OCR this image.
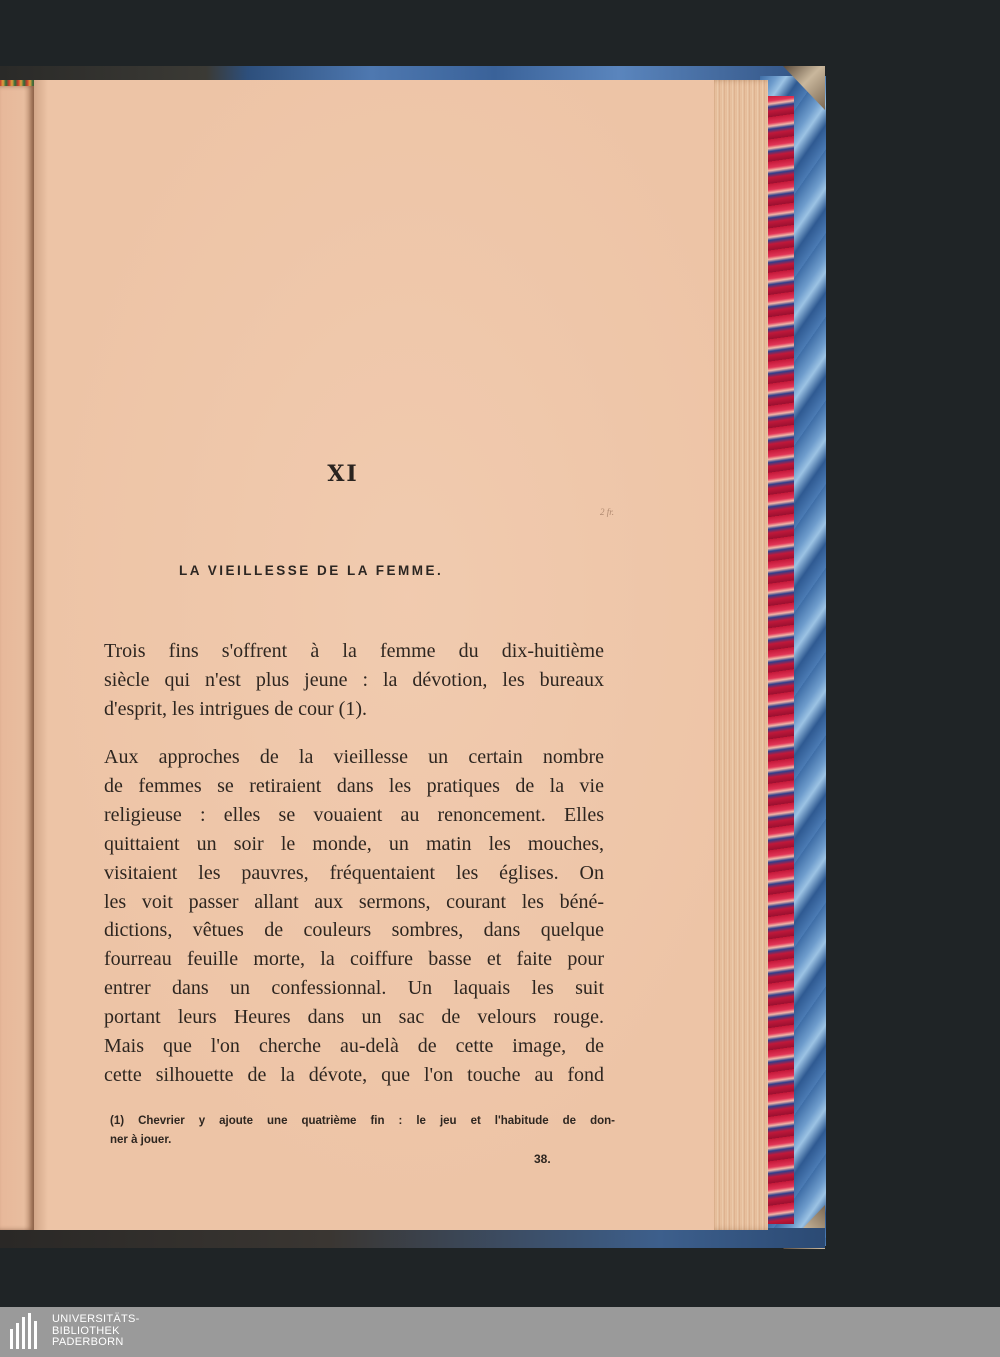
XI
LA VIEILLESSE DE LA FEMME.
2 fr.

Trois fins s'offrent à la femme du dix-huitième
siècle qui n'est plus jeune : la dévotion, les bureaux
d'esprit, les intrigues de cour (1).

Aux approches de la vieillesse un certain nombre
de femmes se retiraient dans les pratiques de la vie
religieuse : elles se vouaient au renoncement. Elles
quittaient un soir le monde, un matin les mouches,
visitaient les pauvres, fréquentaient les églises. On
les voit passer allant aux sermons, courant les béné-
dictions, vêtues de couleurs sombres, dans quelque
fourreau feuille morte, la coiffure basse et faite pour
entrer dans un confessionnal. Un laquais les suit
portant leurs Heures dans un sac de velours rouge.
Mais que l'on cherche au-delà de cette image, de
cette silhouette de la dévote, que l'on touche au fond

(1) Chevrier y ajoute une quatrième fin : le jeu et l'habitude de don-
ner à jouer.
38.
UNIVERSITÄTS-
BIBLIOTHEK
PADERBORN
